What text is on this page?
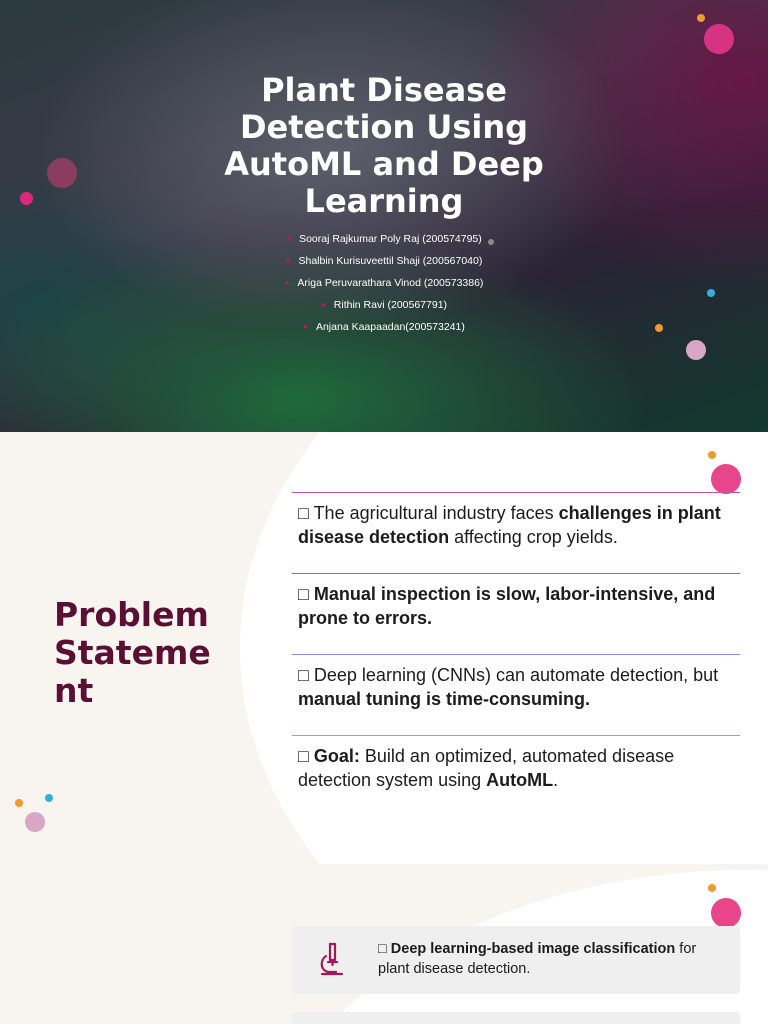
Plant Disease Detection Using AutoML and Deep Learning
● Sooraj Rajkumar Poly Raj (200574795)
● Shalbin Kurisuveettil Shaji (200567040)
● Ariga Peruvarathara Vinod (200573386)
● Rithin Ravi (200567791)
● Anjana Kaapaadan(200573241)
Problem Stateme nt
□ The agricultural industry faces challenges in plant disease detection affecting crop yields.
□ Manual inspection is slow, labor-intensive, and prone to errors.
□ Deep learning (CNNs) can automate detection, but manual tuning is time-consuming.
□ Goal: Build an optimized, automated disease detection system using AutoML.
□ Deep learning-based image classification for plant disease detection.
